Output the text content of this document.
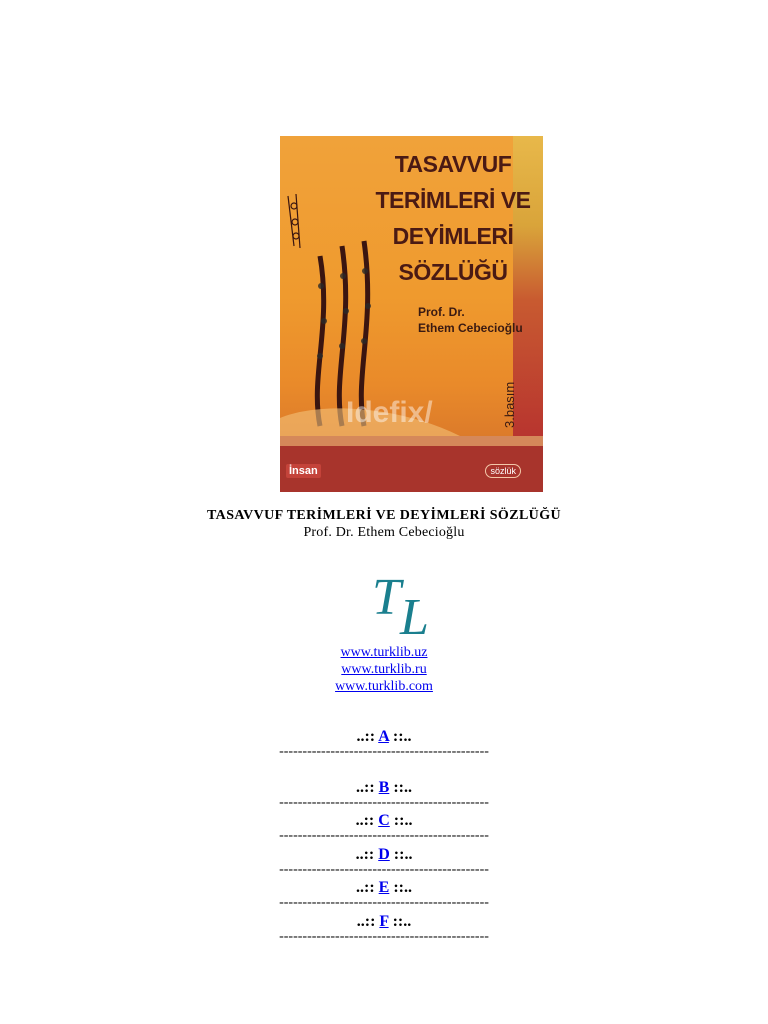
TASAVVUF
TERİMLERİ VE
DEYİMLERİ
SÖZLÜĞÜ
Prof. Dr.
Ethem Cebecioğlu
Idefix/	3.basım
İnsan	sözlük
TASAVVUF TERİMLERİ VE DEYİMLERİ SÖZLÜĞÜ
Prof. Dr. Ethem Cebecioğlu
T L
www.turklib.uz
www.turklib.ru
www.turklib.com
..:: A ::..
---------------------------------------------
..:: B ::..
---------------------------------------------
..:: C ::..
---------------------------------------------
..:: D ::..
---------------------------------------------
..:: E ::..
---------------------------------------------
..:: F ::..
---------------------------------------------
